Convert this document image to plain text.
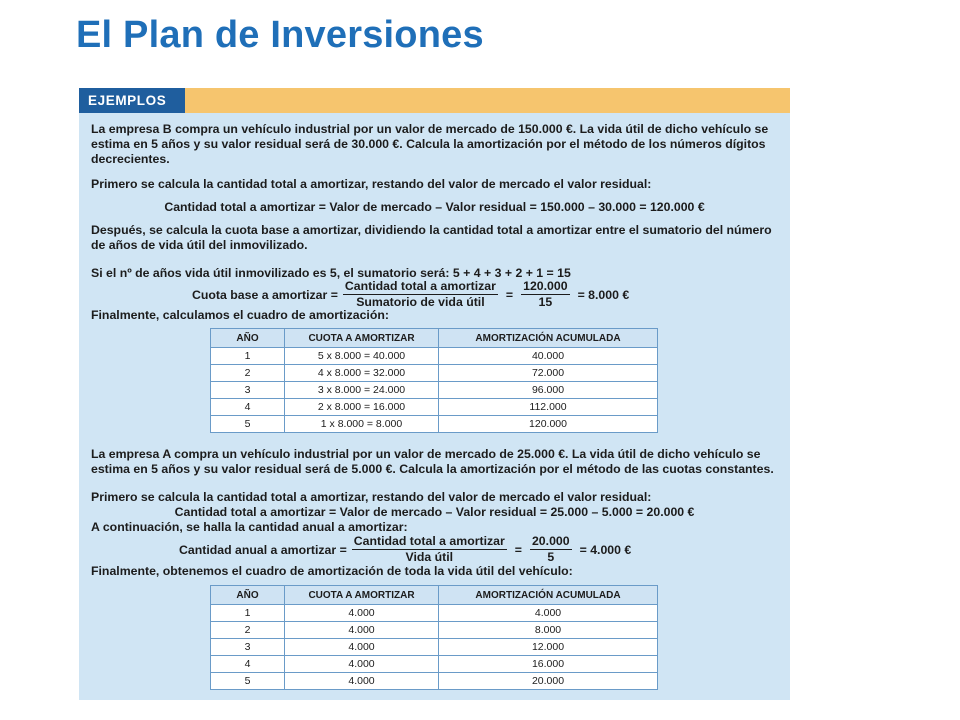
El Plan de Inversiones
EJEMPLOS
La empresa B compra un vehículo industrial por un valor de mercado de 150.000 €. La vida útil de dicho vehículo se estima en 5 años y su valor residual será de 30.000 €. Calcula la amortización por el método de los números dígitos decrecientes.
Primero se calcula la cantidad total a amortizar, restando del valor de mercado el valor residual:
Cantidad total a amortizar = Valor de mercado – Valor residual = 150.000 – 30.000 = 120.000 €
Después, se calcula la cuota base a amortizar, dividiendo la cantidad total a amortizar entre el sumatorio del número de años de vida útil del inmovilizado.
Si el nº de años vida útil inmovilizado es 5, el sumatorio será: 5 + 4 + 3 + 2 + 1 = 15
Cuota base a amortizar = $\frac{\text{Cantidad total a amortizar}}{\text{Sumatorio de vida útil}} = \frac{120.000}{15} = 8.000$ €
Finalmente, calculamos el cuadro de amortización:
AÑO	CUOTA A AMORTIZAR	AMORTIZACIÓN ACUMULADA
1	5 x 8.000 = 40.000	40.000
2	4 x 8.000 = 32.000	72.000
3	3 x 8.000 = 24.000	96.000
4	2 x 8.000 = 16.000	112.000
5	1 x 8.000 = 8.000	120.000
La empresa A compra un vehículo industrial por un valor de mercado de 25.000 €. La vida útil de dicho vehículo se estima en 5 años y su valor residual será de 5.000 €. Calcula la amortización por el método de las cuotas constantes.
Primero se calcula la cantidad total a amortizar, restando del valor de mercado el valor residual:
Cantidad total a amortizar = Valor de mercado – Valor residual = 25.000 – 5.000 = 20.000 €
A continuación, se halla la cantidad anual a amortizar:
Cantidad anual a amortizar = $\frac{\text{Cantidad total a amortizar}}{\text{Vida útil}} = \frac{20.000}{5} = 4.000$ €
Finalmente, obtenemos el cuadro de amortización de toda la vida útil del vehículo:
AÑO	CUOTA A AMORTIZAR	AMORTIZACIÓN ACUMULADA
1	4.000	4.000
2	4.000	8.000
3	4.000	12.000
4	4.000	16.000
5	4.000	20.000
